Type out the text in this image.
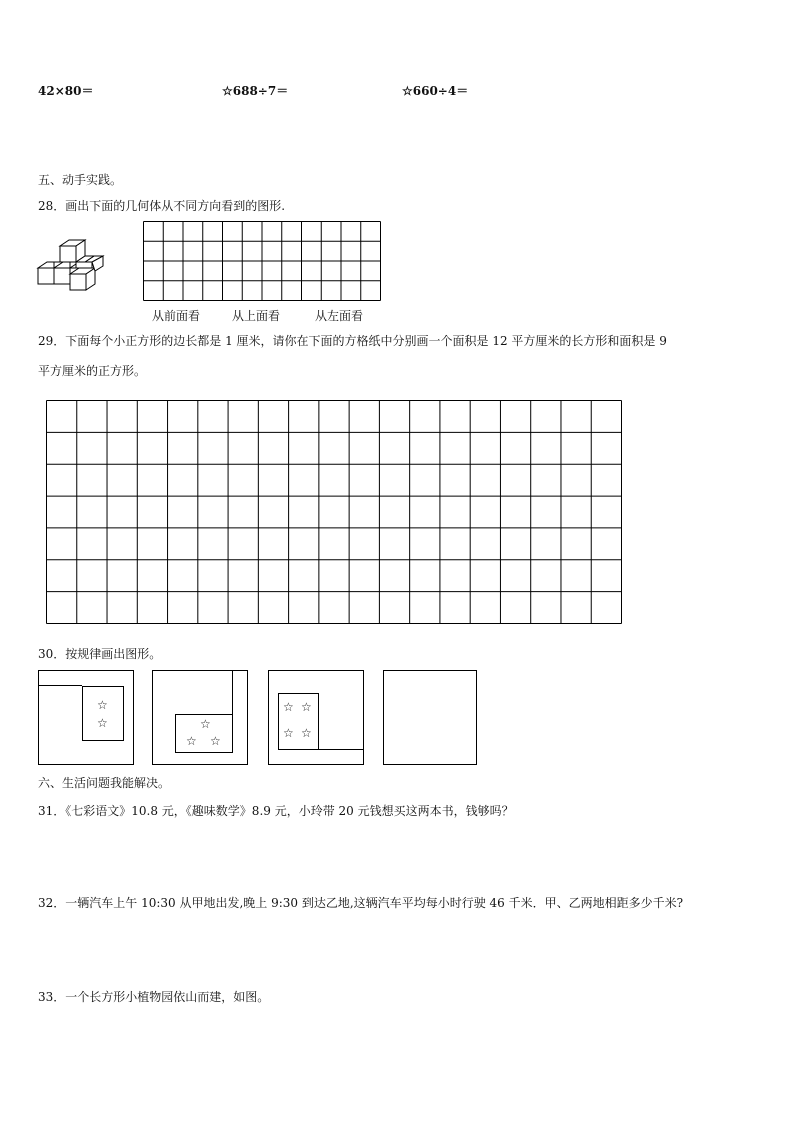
42×80＝	☆688÷7＝	☆660÷4＝
五、动手实践。
28．画出下面的几何体从不同方向看到的图形.
从前面看	从上面看	从左面看
29．下面每个小正方形的边长都是 1 厘米，请你在下面的方格纸中分别画一个面积是 12 平方厘米的长方形和面积是 9
平方厘米的正方形。
30．按规律画出图形。
☆
☆	☆
☆ ☆
☆ ☆
☆ ☆
六、生活问题我能解决。
31．《七彩语文》10.8 元，《趣味数学》8.9 元，小玲带 20 元钱想买这两本书，钱够吗？
32．一辆汽车上午 10:30 从甲地出发,晚上 9:30 到达乙地,这辆汽车平均每小时行驶 46 千米．甲、乙两地相距多少千米?
33．一个长方形小植物园依山而建，如图。
